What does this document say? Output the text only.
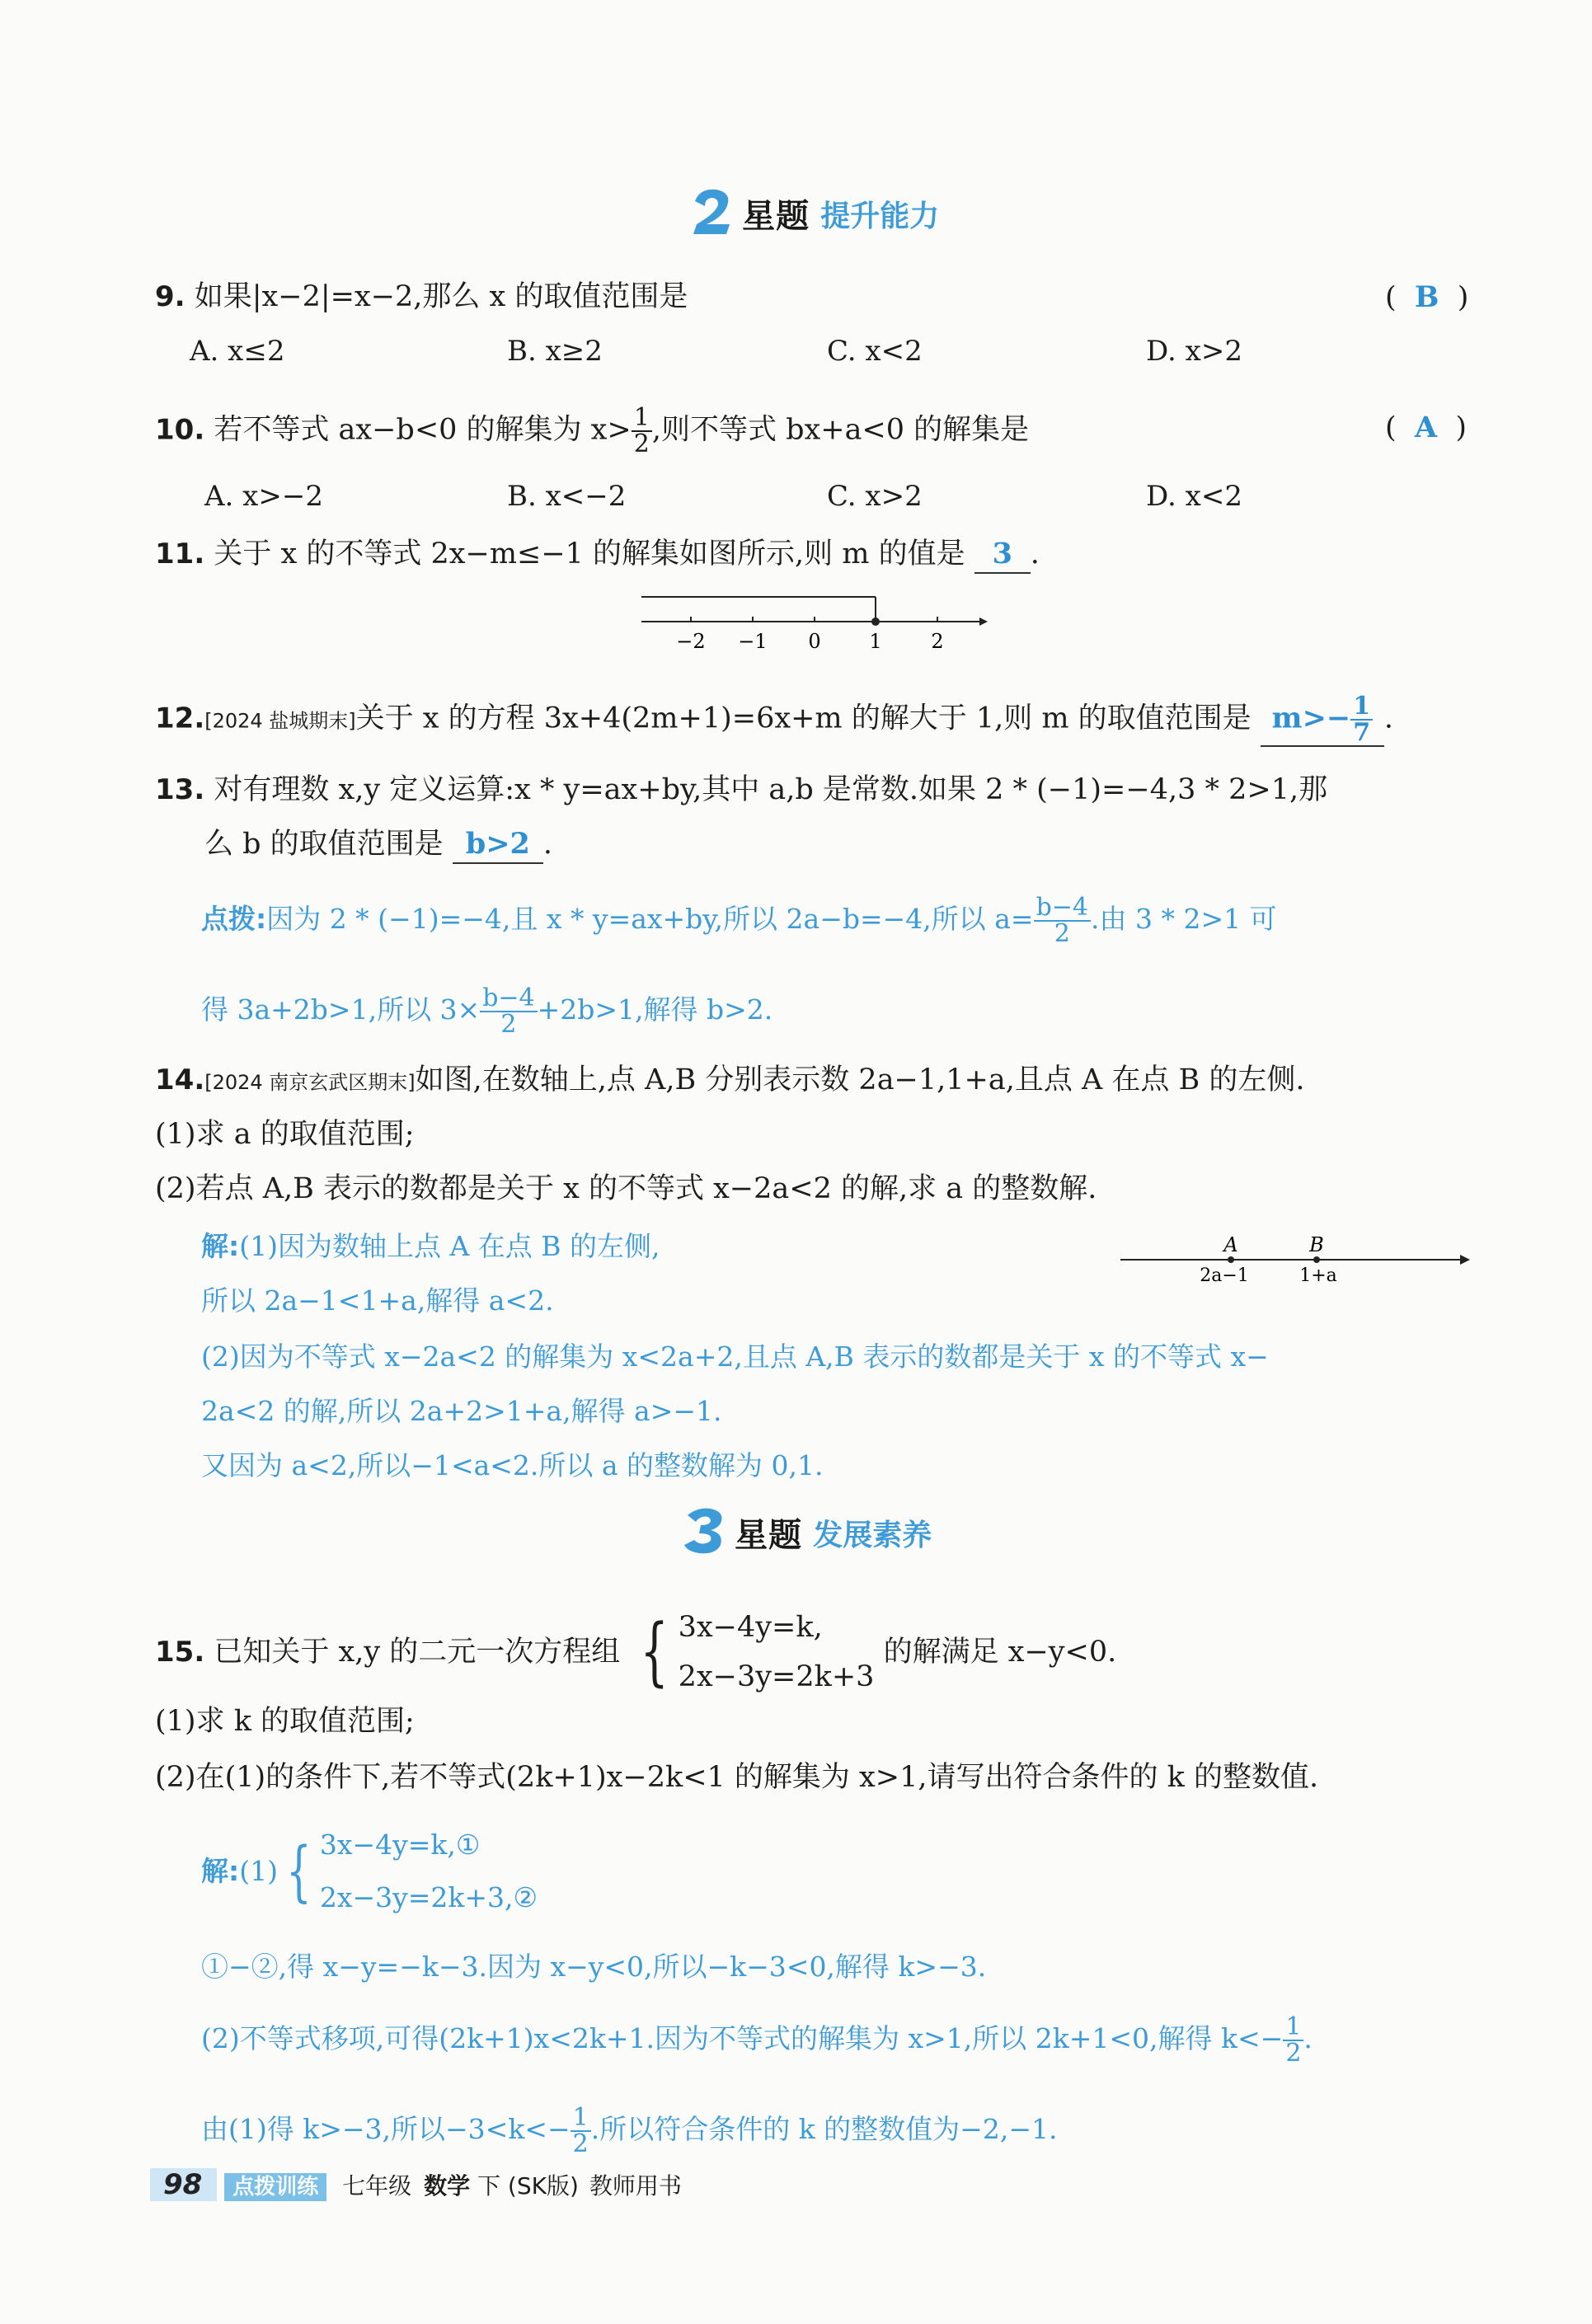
星题 提升能力
9. 如果|x−2|=x−2,那么 x 的取值范围是	(  B  )
A. x≤2	B. x≥2	C. x<2	D. x>2
10. 若不等式 ax−b<0 的解集为 $x> \frac{1}{2}$ ,则不等式 bx+a<0 的解集是	(  A  )
A. x>−2	B. x<−2	C. x>2	D. x<2
11. 关于 x 的不等式 2x−m≤−1 的解集如图所示,则 m 的值是 3 .
−2 −1 0 1 2
12.[2024 盐城期末]关于 x 的方程 3x+4(2m+1)=6x+m 的解大于 1,则 m 的取值范围是 $m>- \frac{1}{7}$ .
13. 对有理数 x,y 定义运算:x * y=ax+by,其中 a,b 是常数.如果 2 * (−1)=−4,3 * 2>1,那
么 b 的取值范围是 b>2 .
点拨:因为 2 * (−1)=−4,且 x * y=ax+by,所以 2a−b=−4,所以 $a= \frac{b-4}{2}$ .由 3 * 2>1 可
得 3a+2b>1,所以 $3\times \frac{b-4}{2} +2b>1$,解得 b>2.
14.[2024 南京玄武区期末]如图,在数轴上,点 A,B 分别表示数 2a−1,1+a,且点 A 在点 B 的左侧.
(1)求 a 的取值范围;
(2)若点 A,B 表示的数都是关于 x 的不等式 x−2a<2 的解,求 a 的整数解.
解:(1)因为数轴上点 A 在点 B 的左侧,	A	B
2a−1	1+a
所以 2a−1<1+a,解得 a<2.
(2)因为不等式 x−2a<2 的解集为 x<2a+2,且点 A,B 表示的数都是关于 x 的不等式 x−
2a<2 的解,所以 2a+2>1+a,解得 a>−1.
又因为 a<2,所以−1<a<2.所以 a 的整数解为 0,1.
星题 发展素养
15. 已知关于 x,y 的二元一次方程组 { 3x−4y=k,
2x−3y=2k+3
的解满足 x−y<0.
(1)求 k 的取值范围;
(2)在(1)的条件下,若不等式(2k+1)x−2k<1 的解集为 x>1,请写出符合条件的 k 的整数值.
解:(1) { 3x−4y=k,①
2x−3y=2k+3,②
①−②,得 x−y=−k−3.因为 x−y<0,所以−k−3<0,解得 k>−3.
(2)不等式移项,可得(2k+1)x<2k+1.因为不等式的解集为 x>1,所以 2k+1<0,解得 $k<- \frac{1}{2}$ .
由(1)得 k>−3,所以$-3<k<- \frac{1}{2}$ .所以符合条件的 k 的整数值为−2,−1.
98 点拨训练 七年级 数学 下 (SK版) 教师用书
